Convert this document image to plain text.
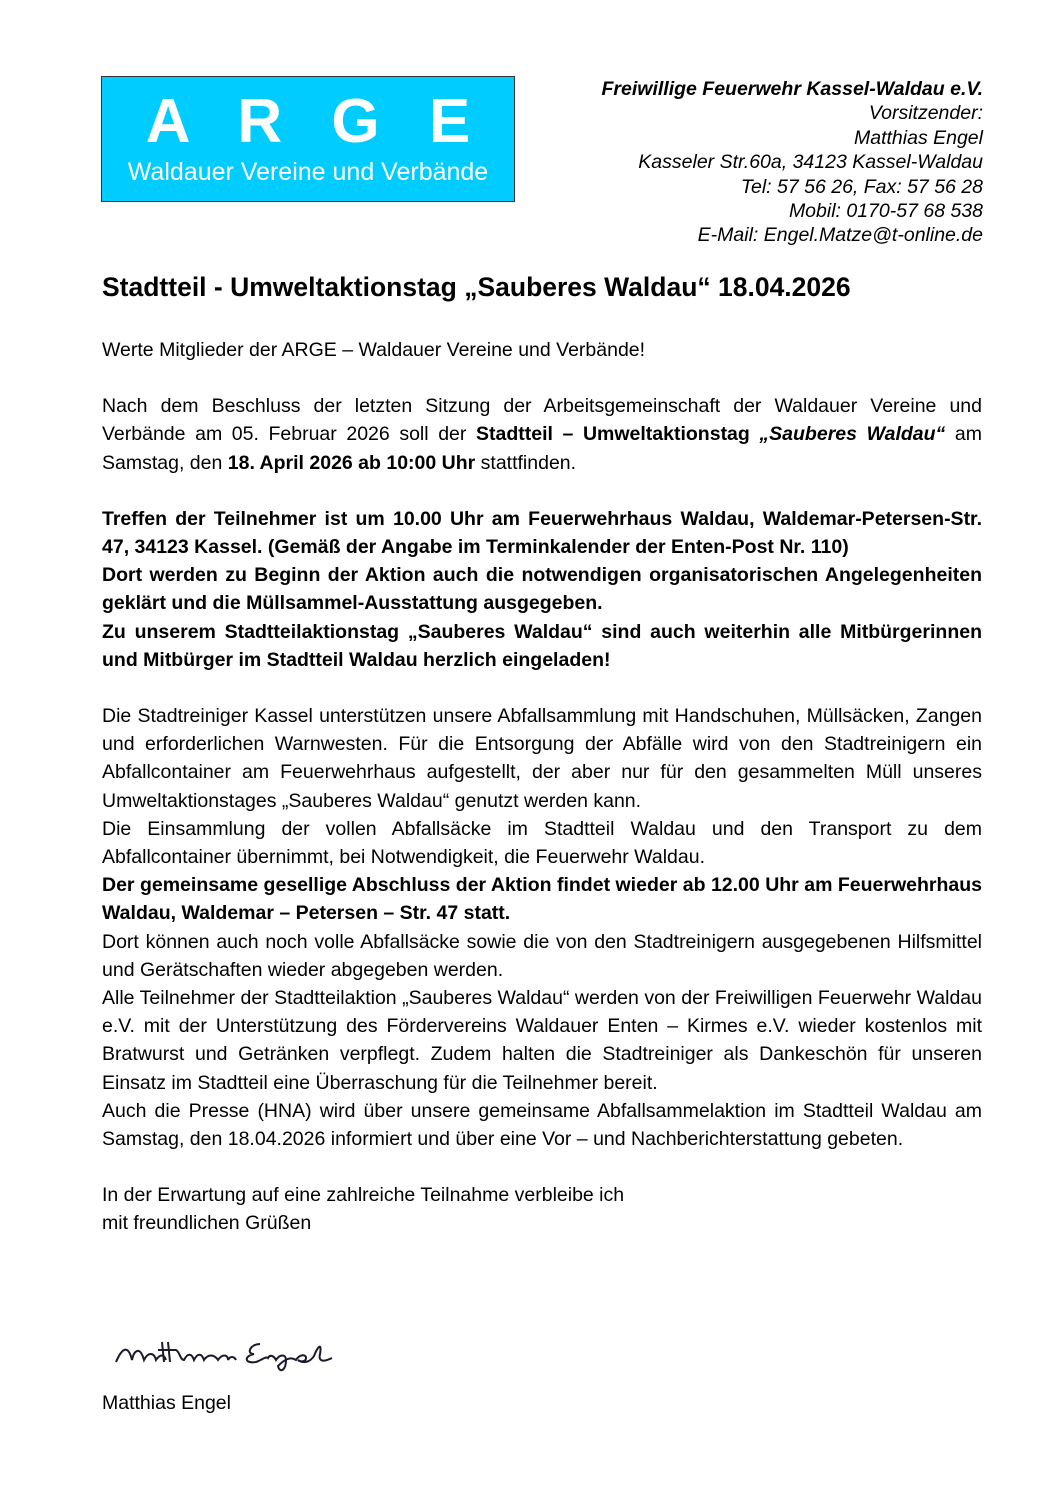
A R G E
Waldauer Vereine und Verbände
Freiwillige Feuerwehr Kassel-Waldau e.V.
Vorsitzender:
Matthias Engel
Kasseler Str.60a, 34123 Kassel-Waldau
Tel: 57 56 26, Fax: 57 56 28
Mobil: 0170-57 68 538
E-Mail: Engel.Matze@t-online.de
Stadtteil - Umweltaktionstag „Sauberes Waldau“ 18.04.2026

Werte Mitglieder der ARGE – Waldauer Vereine und Verbände!

Nach dem Beschluss der letzten Sitzung der Arbeitsgemeinschaft der Waldauer Vereine und Verbände am 05. Februar 2026 soll der Stadtteil – Umweltaktionstag „Sauberes Waldau“ am Samstag, den 18. April 2026 ab 10:00 Uhr stattfinden.

Treffen der Teilnehmer ist um 10.00 Uhr am Feuerwehrhaus Waldau, Waldemar-Petersen-Str. 47, 34123 Kassel. (Gemäß der Angabe im Terminkalender der Enten-Post Nr. 110)

Dort werden zu Beginn der Aktion auch die notwendigen organisatorischen Angelegenheiten geklärt und die Müllsammel-Ausstattung ausgegeben.

Zu unserem Stadtteilaktionstag „Sauberes Waldau“ sind auch weiterhin alle Mitbürgerinnen und Mitbürger im Stadtteil Waldau herzlich eingeladen!

Die Stadtreiniger Kassel unterstützen unsere Abfallsammlung mit Handschuhen, Müllsäcken, Zangen und erforderlichen Warnwesten. Für die Entsorgung der Abfälle wird von den Stadtreinigern ein Abfallcontainer am Feuerwehrhaus aufgestellt, der aber nur für den gesammelten Müll unseres Umweltaktionstages „Sauberes Waldau“ genutzt werden kann.

Die Einsammlung der vollen Abfallsäcke im Stadtteil Waldau und den Transport zu dem Abfallcontainer übernimmt, bei Notwendigkeit, die Feuerwehr Waldau.

Der gemeinsame gesellige Abschluss der Aktion findet wieder ab 12.00 Uhr am Feuerwehrhaus Waldau, Waldemar – Petersen – Str. 47 statt.

Dort können auch noch volle Abfallsäcke sowie die von den Stadtreinigern ausgegebenen Hilfsmittel und Gerätschaften wieder abgegeben werden.

Alle Teilnehmer der Stadtteilaktion „Sauberes Waldau“ werden von der Freiwilligen Feuerwehr Waldau e.V. mit der Unterstützung des Fördervereins Waldauer Enten – Kirmes e.V. wieder kostenlos mit Bratwurst und Getränken verpflegt. Zudem halten die Stadtreiniger als Dankeschön für unseren Einsatz im Stadtteil eine Überraschung für die Teilnehmer bereit.

Auch die Presse (HNA) wird über unsere gemeinsame Abfallsammelaktion im Stadtteil Waldau am Samstag, den 18.04.2026 informiert und über eine Vor – und Nachberichterstattung gebeten.

In der Erwartung auf eine zahlreiche Teilnahme verbleibe ich

mit freundlichen Grüßen

Matthias Engel
